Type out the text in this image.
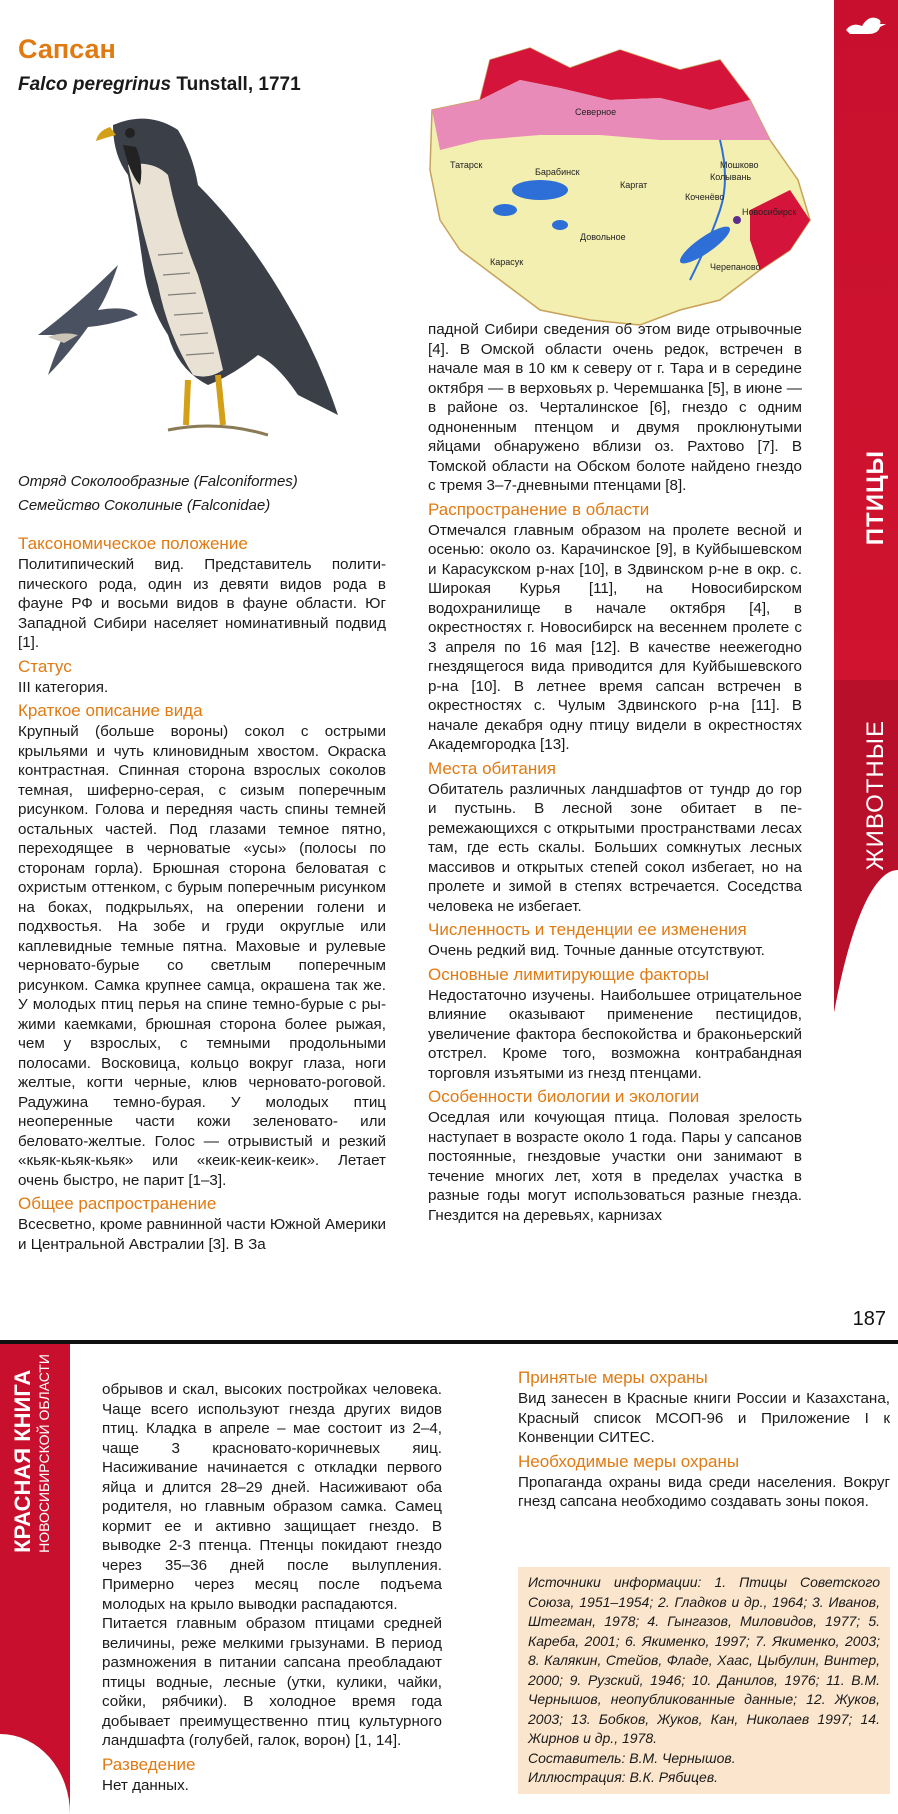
ПТИЦЫ
ЖИВОТНЫЕ
187
Сапсан
Falco peregrinus Tunstall, 1771
Северное
Татарск
Барабинск
Каргат
Мошково
Колывань
Кочeнёво
Новосибирск
Довольное
Карасук	Черепаново
Отряд Соколообразные (Falconiformes)
Семейство Соколиные (Falconidae)
Таксономическое положение

Политипический вид. Представитель политипического рода, один из девяти видов рода в фауне РФ и восьми видов в фауне области. Юг Западной Сибири населяет номинативный подвид [1].

Статус

III категория.

Краткое описание вида

Крупный (больше вороны) сокол с острыми крыльями и чуть клиновидным хвостом. Окраска контрастная. Спинная сторона взрослых соколов темная, шиферно-серая, с сизым поперечным рисунком. Голова и передняя часть спины темней остальных частей. Под глазами темное пятно, переходящее в черноватые «усы» (полосы по сторонам горла). Брюшная сторона беловатая с охристым оттенком, с бурым поперечным рисунком на боках, подкрыльях, на оперении голени и подхвостья. На зобе и груди округлые или каплевидные темные пятна. Маховые и рулевые черновато-бурые со светлым поперечным рисунком. Самка крупнее самца, окрашена так же. У молодых птиц перья на спине темно-бурые с рыжими каемками, брюшная сторона более рыжая, чем у взрослых, с темными продольными полосами. Восковица, кольцо вокруг глаза, ноги желтые, когти черные, клюв черновато-роговой. Радужина темно-бурая. У молодых птиц неоперенные части кожи зеленовато- или беловато-желтые. Голос — отрывистый и резкий «кьяк-кьяк-кьяк» или «кеик-кеик-кеик». Летает очень быстро, не парит [1–3].

Общее распространение

Всесветно, кроме равнинной части Южной Америки и Центральной Австралии [3]. В За

падной Сибири сведения об этом виде отрывочные [4]. В Омской области очень редок, встречен в начале мая в 10 км к северу от г. Тара и в середине октября — в верховьях р. Черемшанка [5], в июне — в районе оз. Черталинское [6], гнездо с одним одноненным птенцом и двумя проклюнутыми яйцами обнаружено вблизи оз. Рахтово [7]. В Томской области на Обском болоте найдено гнездо с тремя 3–7-дневными птенцами [8].

Распространение в области

Отмечался главным образом на пролете весной и осенью: около оз. Карачинское [9], в Куйбышевском и Карасукском р-нах [10], в Здвинском р-не в окр. с. Широкая Курья [11], на Новосибирском водохранилище в начале октября [4], в окрестностях г. Новосибирск на весеннем пролете с 3 апреля по 16 мая [12]. В качестве неежегодно гнездящегося вида приводится для Куйбышевского р-на [10]. В летнее время сапсан встречен в окрестностях с. Чулым Здвинского р-на [11]. В начале декабря одну птицу видели в окрестностях Академгородка [13].

Места обитания

Обитатель различных ландшафтов от тундр до гор и пустынь. В лесной зоне обитает в перемежающихся с открытыми пространствами лесах там, где есть скалы. Больших сомкнутых лесных массивов и открытых степей сокол избегает, но на пролете и зимой в степях встречается. Соседства человека не избегает.

Численность и тенденции ее изменения

Очень редкий вид. Точные данные отсутствуют.

Основные лимитирующие факторы

Недостаточно изучены. Наибольшее отрицательное влияние оказывают применение пестицидов, увеличение фактора беспокойства и браконьерский отстрел. Кроме того, возможна контрабандная торговля изъятыми из гнезд птенцами.

Особенности биологии и экологии

Оседлая или кочующая птица. Половая зрелость наступает в возрасте около 1 года. Пары у сапсанов постоянные, гнездовые участки они занимают в течение многих лет, хотя в пределах участка в разные годы могут использоваться разные гнезда. Гнездится на деревьях, карнизах

КРАСНАЯ КНИГА НОВОСИБИРСКОЙ ОБЛАСТИ	обрывов и скал, высоких постройках человека. Чаще всего используют гнезда других видов птиц. Кладка в апреле – мае состоит из 2–4, чаще 3 красновато-коричневых яиц. Насиживание начинается с откладки первого яйца и длится 28–29 дней. Насиживают оба родителя, но главным образом самка. Самец кормит ее и активно защищает гнездо. В выводке 2-3 птенца. Птенцы покидают гнездо через 35–36 дней после вылупления. Примерно через месяц после подъема молодых на крыло выводки распадаются.

Питается главным образом птицами средней величины, реже мелкими грызунами. В период размножения в питании сапсана преобладают птицы водные, лесные (утки, кулики, чайки, сойки, рябчики). В холодное время года добывает преимущественно птиц культурного ландшафта (голубей, галок, ворон) [1, 14].

Разведение

Нет данных.

Принятые меры охраны

Вид занесен в Красные книги России и Казахстана, Красный список МСОП-96 и Приложение I к Конвенции СИТЕС.

Необходимые меры охраны

Пропаганда охраны вида среди населения. Вокруг гнезд сапсана необходимо создавать зоны покоя.

Источники информации: 1. Птицы Советского Союза, 1951–1954; 2. Гладков и др., 1964; 3. Иванов, Штегман, 1978; 4. Гынгазов, Миловидов, 1977; 5. Кареба, 2001; 6. Якименко, 1997; 7. Якименко, 2003; 8. Калякин, Стейов, Фладе, Хаас, Цыбулин, Винтер, 2000; 9. Рузский, 1946; 10. Данилов, 1976; 11. В.М. Чернышов, неопубликованные данные; 12. Жуков, 2003; 13. Бобков, Жуков, Кан, Николаев 1997; 14. Жирнов и др., 1978.

Составитель: В.М. Чернышов.

Иллюстрация: В.К. Рябицев.
